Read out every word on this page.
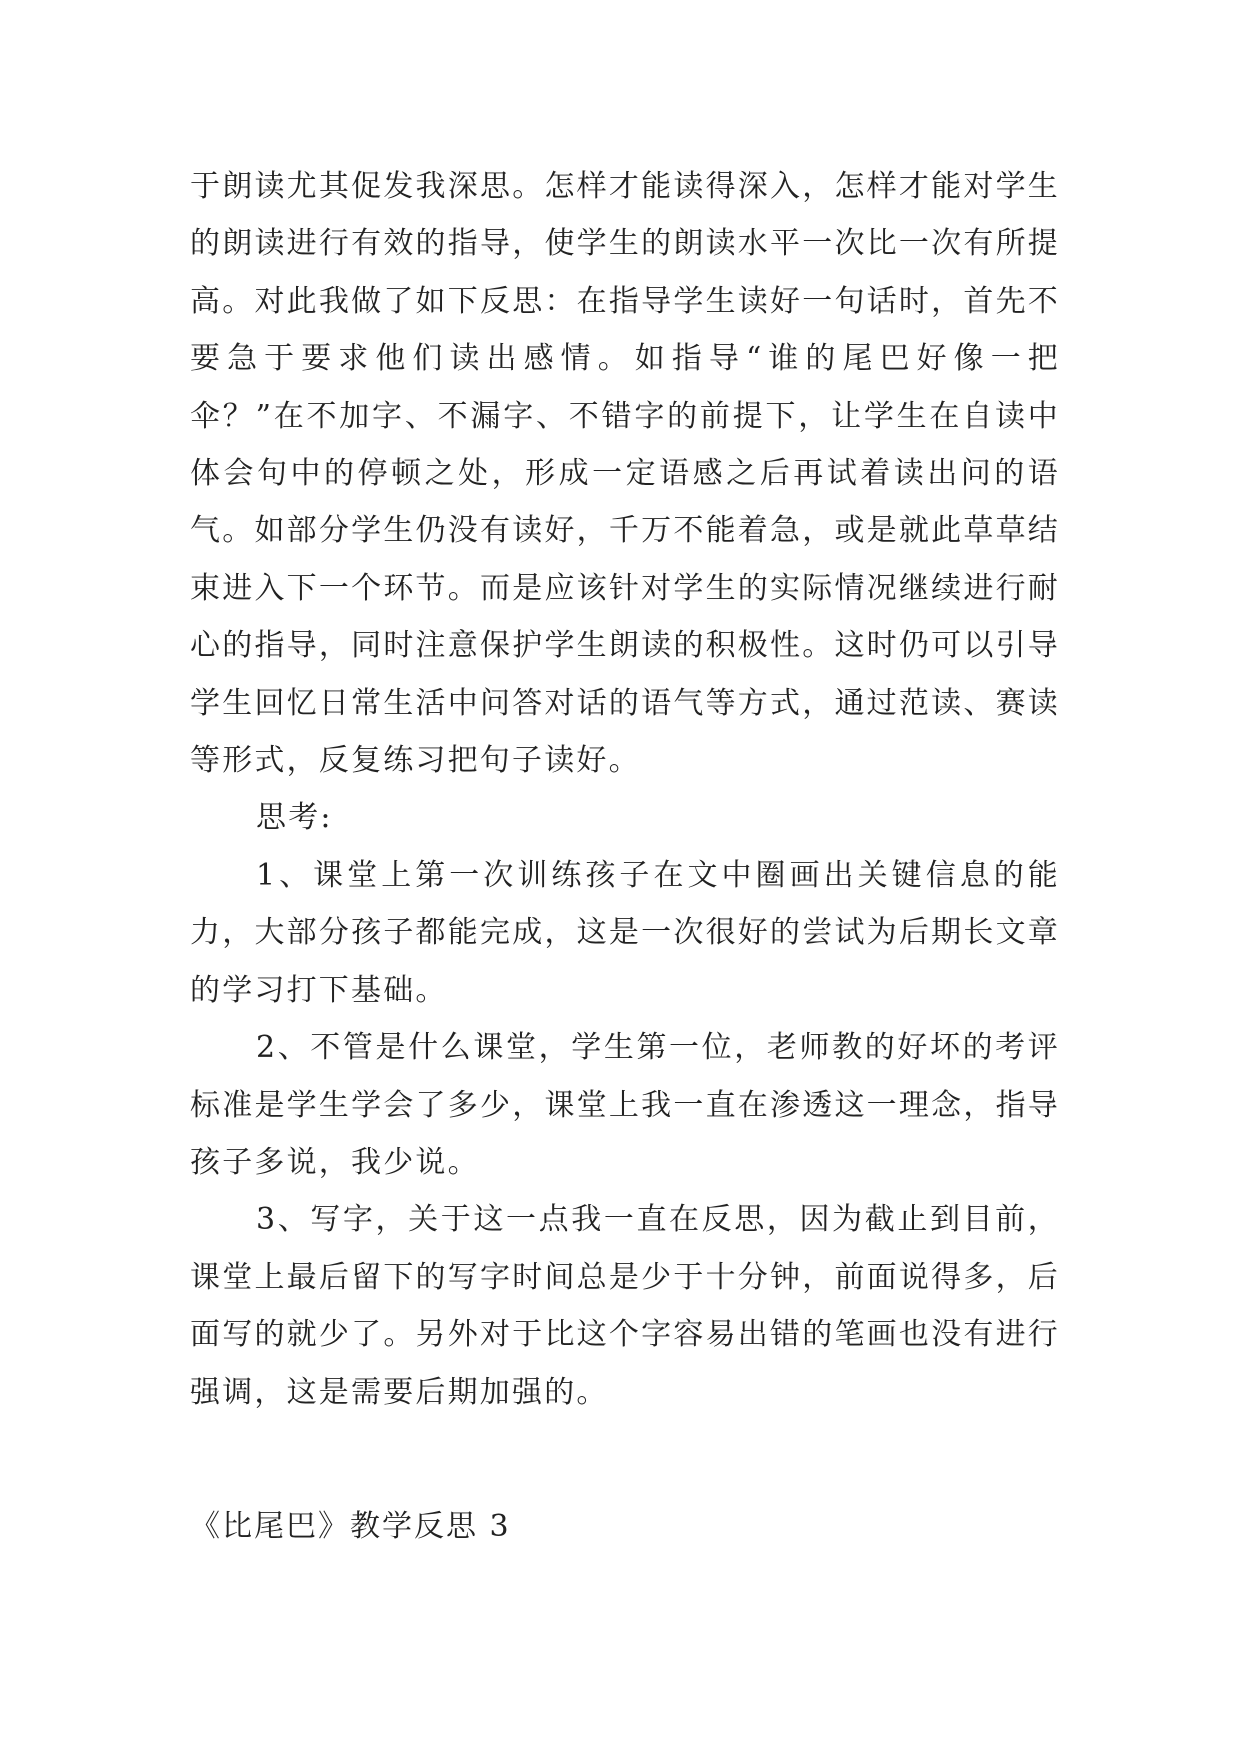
于朗读尤其促发我深思。怎样才能读得深入，怎样才能对学生的朗读进行有效的指导，使学生的朗读水平一次比一次有所提高。对此我做了如下反思：在指导学生读好一句话时，首先不要急于要求他们读出感情。如指导“谁的尾巴好像一把伞？”在不加字、不漏字、不错字的前提下，让学生在自读中体会句中的停顿之处，形成一定语感之后再试着读出问的语气。如部分学生仍没有读好，千万不能着急，或是就此草草结束进入下一个环节。而是应该针对学生的实际情况继续进行耐心的指导，同时注意保护学生朗读的积极性。这时仍可以引导学生回忆日常生活中问答对话的语气等方式，通过范读、赛读等形式，反复练习把句子读好。

思考:

1、课堂上第一次训练孩子在文中圈画出关键信息的能力，大部分孩子都能完成，这是一次很好的尝试为后期长文章的学习打下基础。

2、不管是什么课堂，学生第一位，老师教的好坏的考评标准是学生学会了多少，课堂上我一直在渗透这一理念，指导孩子多说，我少说。

3、写字，关于这一点我一直在反思，因为截止到目前，课堂上最后留下的写字时间总是少于十分钟，前面说得多，后面写的就少了。另外对于比这个字容易出错的笔画也没有进行强调，这是需要后期加强的。

《比尾巴》教学反思 3
